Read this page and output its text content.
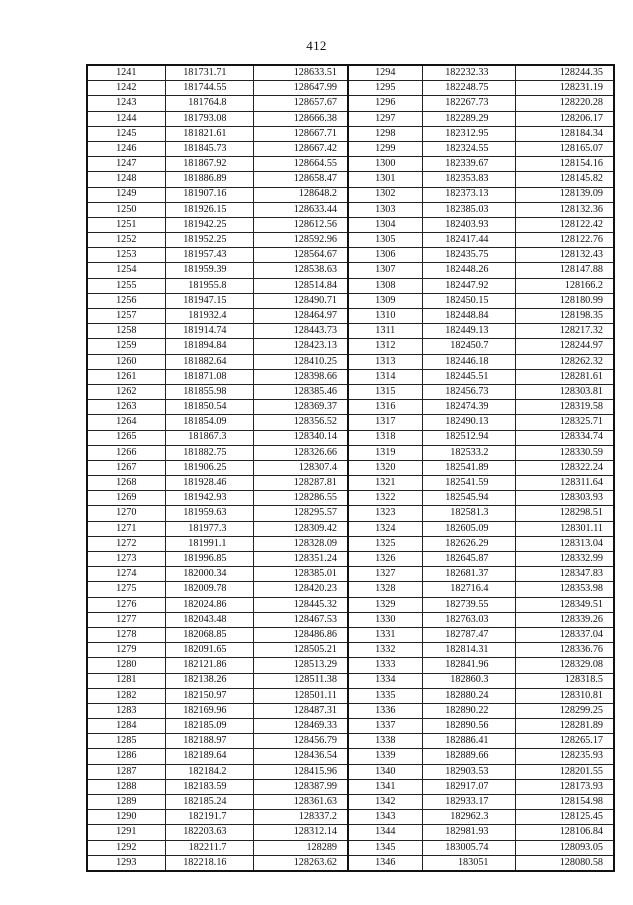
412
1241	181731.71	128633.51	1294	182232.33	128244.35
1242	181744.55	128647.99	1295	182248.75	128231.19
1243	181764.8	128657.67	1296	182267.73	128220.28
1244	181793.08	128666.38	1297	182289.29	128206.17
1245	181821.61	128667.71	1298	182312.95	128184.34
1246	181845.73	128667.42	1299	182324.55	128165.07
1247	181867.92	128664.55	1300	182339.67	128154.16
1248	181886.89	128658.47	1301	182353.83	128145.82
1249	181907.16	128648.2	1302	182373.13	128139.09
1250	181926.15	128633.44	1303	182385.03	128132.36
1251	181942.25	128612.56	1304	182403.93	128122.42
1252	181952.25	128592.96	1305	182417.44	128122.76
1253	181957.43	128564.67	1306	182435.75	128132.43
1254	181959.39	128538.63	1307	182448.26	128147.88
1255	181955.8	128514.84	1308	182447.92	128166.2
1256	181947.15	128490.71	1309	182450.15	128180.99
1257	181932.4	128464.97	1310	182448.84	128198.35
1258	181914.74	128443.73	1311	182449.13	128217.32
1259	181894.84	128423.13	1312	182450.7	128244.97
1260	181882.64	128410.25	1313	182446.18	128262.32
1261	181871.08	128398.66	1314	182445.51	128281.61
1262	181855.98	128385.46	1315	182456.73	128303.81
1263	181850.54	128369.37	1316	182474.39	128319.58
1264	181854.09	128356.52	1317	182490.13	128325.71
1265	181867.3	128340.14	1318	182512.94	128334.74
1266	181882.75	128326.66	1319	182533.2	128330.59
1267	181906.25	128307.4	1320	182541.89	128322.24
1268	181928.46	128287.81	1321	182541.59	128311.64
1269	181942.93	128286.55	1322	182545.94	128303.93
1270	181959.63	128295.57	1323	182581.3	128298.51
1271	181977.3	128309.42	1324	182605.09	128301.11
1272	181991.1	128328.09	1325	182626.29	128313.04
1273	181996.85	128351.24	1326	182645.87	128332.99
1274	182000.34	128385.01	1327	182681.37	128347.83
1275	182009.78	128420.23	1328	182716.4	128353.98
1276	182024.86	128445.32	1329	182739.55	128349.51
1277	182043.48	128467.53	1330	182763.03	128339.26
1278	182068.85	128486.86	1331	182787.47	128337.04
1279	182091.65	128505.21	1332	182814.31	128336.76
1280	182121.86	128513.29	1333	182841.96	128329.08
1281	182138.26	128511.38	1334	182860.3	128318.5
1282	182150.97	128501.11	1335	182880.24	128310.81
1283	182169.96	128487.31	1336	182890.22	128299.25
1284	182185.09	128469.33	1337	182890.56	128281.89
1285	182188.97	128456.79	1338	182886.41	128265.17
1286	182189.64	128436.54	1339	182889.66	128235.93
1287	182184.2	128415.96	1340	182903.53	128201.55
1288	182183.59	128387.99	1341	182917.07	128173.93
1289	182185.24	128361.63	1342	182933.17	128154.98
1290	182191.7	128337.2	1343	182962.3	128125.45
1291	182203.63	128312.14	1344	182981.93	128106.84
1292	182211.7	128289	1345	183005.74	128093.05
1293	182218.16	128263.62	1346	183051	128080.58
